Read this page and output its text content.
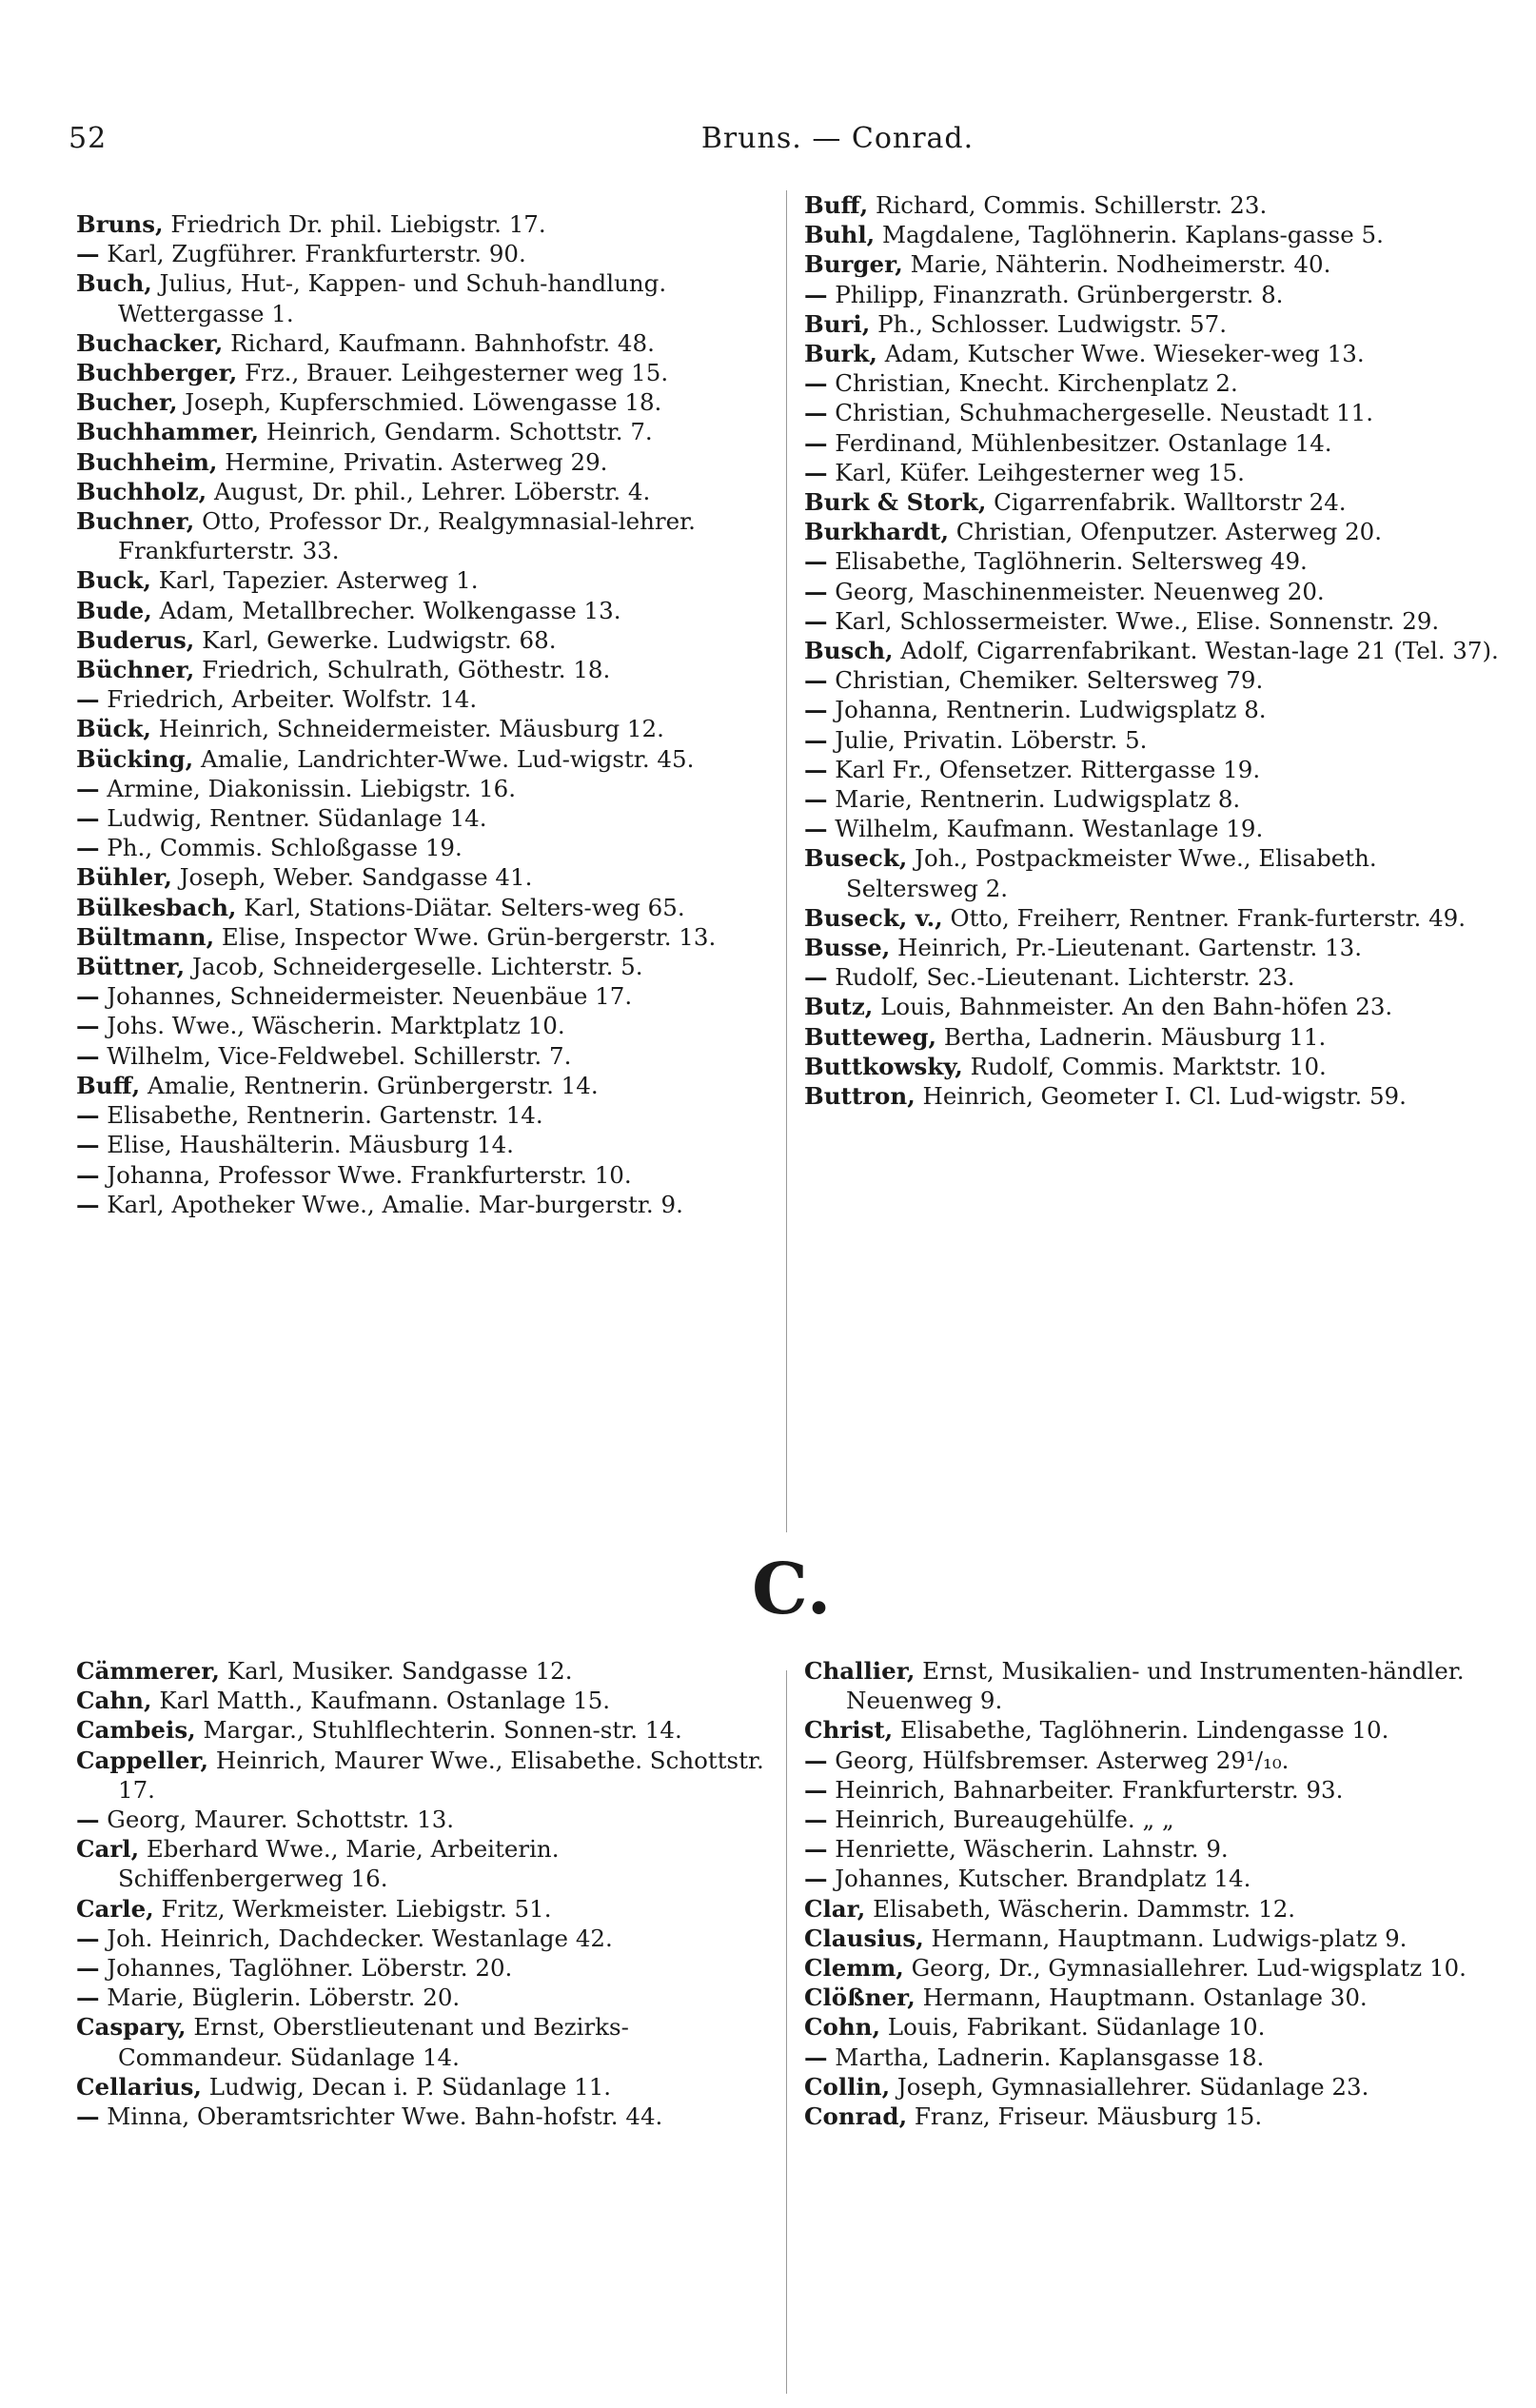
52	Bruns. — Conrad.
Bruns, Friedrich Dr. phil. Liebigstr. 17.
— Karl, Zugführer. Frankfurterstr. 90.
Buch, Julius, Hut-, Kappen- und Schuh-handlung. Wettergasse 1.
Buchacker, Richard, Kaufmann. Bahnhofstr. 48.
Buchberger, Frz., Brauer. Leihgesterner weg 15.
Bucher, Joseph, Kupferschmied. Löwengasse 18.
Buchhammer, Heinrich, Gendarm. Schottstr. 7.
Buchheim, Hermine, Privatin. Asterweg 29.
Buchholz, August, Dr. phil., Lehrer. Löberstr. 4.
Buchner, Otto, Professor Dr., Realgymnasial-lehrer. Frankfurterstr. 33.
Buck, Karl, Tapezier. Asterweg 1.
Bude, Adam, Metallbrecher. Wolkengasse 13.
Buderus, Karl, Gewerke. Ludwigstr. 68.
Büchner, Friedrich, Schulrath, Göthestr. 18.
— Friedrich, Arbeiter. Wolfstr. 14.
Bück, Heinrich, Schneidermeister. Mäusburg 12.
Bücking, Amalie, Landrichter-Wwe. Lud-wigstr. 45.
— Armine, Diakonissin. Liebigstr. 16.
— Ludwig, Rentner. Südanlage 14.
— Ph., Commis. Schloßgasse 19.
Bühler, Joseph, Weber. Sandgasse 41.
Bülkesbach, Karl, Stations-Diätar. Selters-weg 65.
Bültmann, Elise, Inspector Wwe. Grün-bergerstr. 13.
Büttner, Jacob, Schneidergeselle. Lichterstr. 5.
— Johannes, Schneidermeister. Neuenbäue 17.
— Johs. Wwe., Wäscherin. Marktplatz 10.
— Wilhelm, Vice-Feldwebel. Schillerstr. 7.
Buff, Amalie, Rentnerin. Grünbergerstr. 14.
— Elisabethe, Rentnerin. Gartenstr. 14.
— Elise, Haushälterin. Mäusburg 14.
— Johanna, Professor Wwe. Frankfurterstr. 10.
— Karl, Apotheker Wwe., Amalie. Mar-burgerstr. 9.
Buff, Richard, Commis. Schillerstr. 23.
Buhl, Magdalene, Taglöhnerin. Kaplans-gasse 5.
Burger, Marie, Nähterin. Nodheimerstr. 40.
— Philipp, Finanzrath. Grünbergerstr. 8.
Buri, Ph., Schlosser. Ludwigstr. 57.
Burk, Adam, Kutscher Wwe. Wieseker-weg 13.
— Christian, Knecht. Kirchenplatz 2.
— Christian, Schuhmachergeselle. Neustadt 11.
— Ferdinand, Mühlenbesitzer. Ostanlage 14.
— Karl, Küfer. Leihgesterner weg 15.
Burk & Stork, Cigarrenfabrik. Walltorstr 24.
Burkhardt, Christian, Ofenputzer. Asterweg 20.
— Elisabethe, Taglöhnerin. Seltersweg 49.
— Georg, Maschinenmeister. Neuenweg 20.
— Karl, Schlossermeister. Wwe., Elise. Sonnenstr. 29.
Busch, Adolf, Cigarrenfabrikant. Westan-lage 21 (Tel. 37).
— Christian, Chemiker. Seltersweg 79.
— Johanna, Rentnerin. Ludwigsplatz 8.
— Julie, Privatin. Löberstr. 5.
— Karl Fr., Ofensetzer. Rittergasse 19.
— Marie, Rentnerin. Ludwigsplatz 8.
— Wilhelm, Kaufmann. Westanlage 19.
Buseck, Joh., Postpackmeister Wwe., Elisabeth. Seltersweg 2.
Buseck, v., Otto, Freiherr, Rentner. Frank-furterstr. 49.
Busse, Heinrich, Pr.-Lieutenant. Gartenstr. 13.
— Rudolf, Sec.-Lieutenant. Lichterstr. 23.
Butz, Louis, Bahnmeister. An den Bahn-höfen 23.
Butteweg, Bertha, Ladnerin. Mäusburg 11.
Buttkowsky, Rudolf, Commis. Marktstr. 10.
Buttron, Heinrich, Geometer I. Cl. Lud-wigstr. 59.
C.
Cämmerer, Karl, Musiker. Sandgasse 12.
Cahn, Karl Matth., Kaufmann. Ostanlage 15.
Cambeis, Margar., Stuhlflechterin. Sonnen-str. 14.
Cappeller, Heinrich, Maurer Wwe., Elisabethe. Schottstr. 17.
— Georg, Maurer. Schottstr. 13.
Carl, Eberhard Wwe., Marie, Arbeiterin. Schiffenbergerweg 16.
Carle, Fritz, Werkmeister. Liebigstr. 51.
— Joh. Heinrich, Dachdecker. Westanlage 42.
— Johannes, Taglöhner. Löberstr. 20.
— Marie, Büglerin. Löberstr. 20.
Caspary, Ernst, Oberstlieutenant und Bezirks-Commandeur. Südanlage 14.
Cellarius, Ludwig, Decan i. P. Südanlage 11.
— Minna, Oberamtsrichter Wwe. Bahn-hofstr. 44.
Challier, Ernst, Musikalien- und Instrumenten-händler. Neuenweg 9.
Christ, Elisabethe, Taglöhnerin. Lindengasse 10.
— Georg, Hülfsbremser. Asterweg 29¹/₁₀.
— Heinrich, Bahnarbeiter. Frankfurterstr. 93.
— Heinrich, Bureaugehülfe. „ „
— Henriette, Wäscherin. Lahnstr. 9.
— Johannes, Kutscher. Brandplatz 14.
Clar, Elisabeth, Wäscherin. Dammstr. 12.
Clausius, Hermann, Hauptmann. Ludwigs-platz 9.
Clemm, Georg, Dr., Gymnasiallehrer. Lud-wigsplatz 10.
Clößner, Hermann, Hauptmann. Ostanlage 30.
Cohn, Louis, Fabrikant. Südanlage 10.
— Martha, Ladnerin. Kaplansgasse 18.
Collin, Joseph, Gymnasiallehrer. Südanlage 23.
Conrad, Franz, Friseur. Mäusburg 15.
